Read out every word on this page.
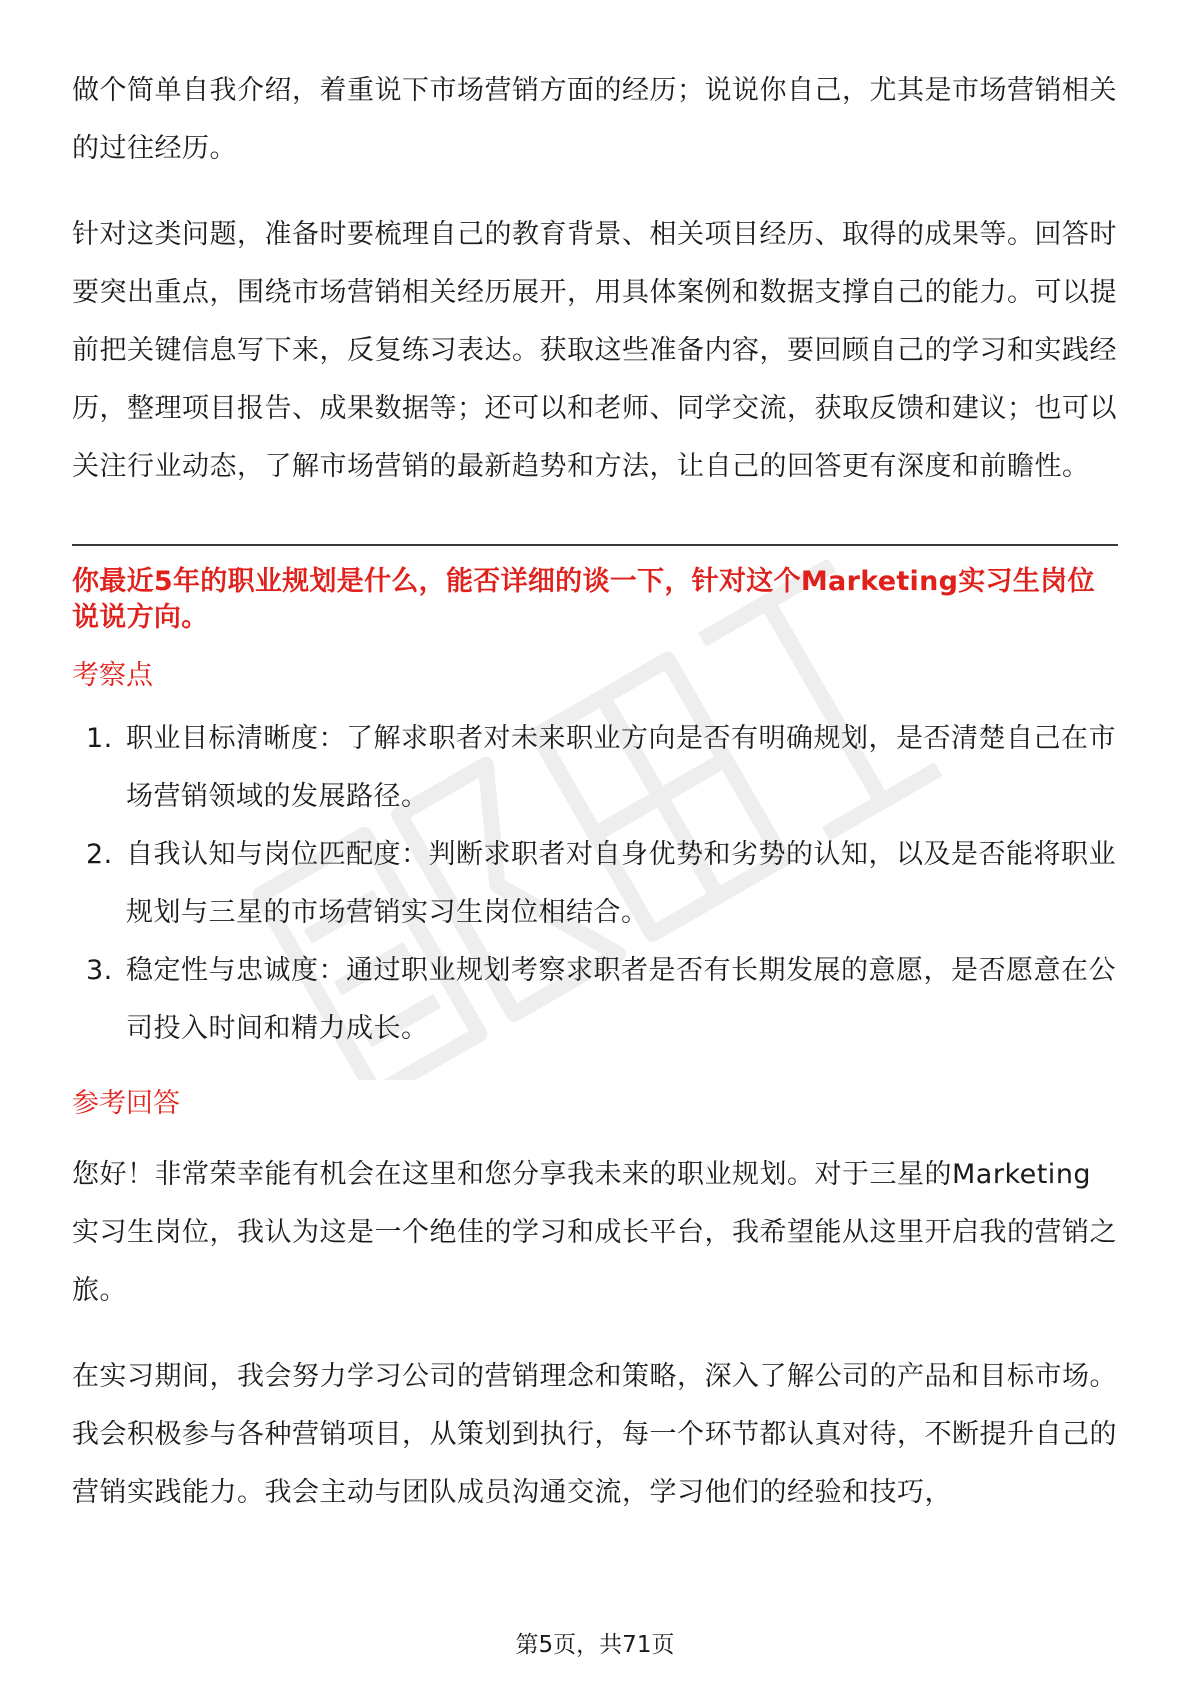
做个简单自我介绍，着重说下市场营销方面的经历；说说你自己，尤其是市场营销相关的过往经历。

针对这类问题，准备时要梳理自己的教育背景、相关项目经历、取得的成果等。回答时要突出重点，围绕市场营销相关经历展开，用具体案例和数据支撑自己的能力。可以提前把关键信息写下来，反复练习表达。获取这些准备内容，要回顾自己的学习和实践经历，整理项目报告、成果数据等；还可以和老师、同学交流，获取反馈和建议；也可以关注行业动态，了解市场营销的最新趋势和方法，让自己的回答更有深度和前瞻性。

你最近5年的职业规划是什么，能否详细的谈一下，针对这个Marketing实习生岗位说说方向。

考察点
1. 职业目标清晰度：了解求职者对未来职业方向是否有明确规划，是否清楚自己在市场营销领域的发展路径。
2. 自我认知与岗位匹配度：判断求职者对自身优势和劣势的认知，以及是否能将职业规划与三星的市场营销实习生岗位相结合。
3. 稳定性与忠诚度：通过职业规划考察求职者是否有长期发展的意愿，是否愿意在公司投入时间和精力成长。
参考回答

您好！非常荣幸能有机会在这里和您分享我未来的职业规划。对于三星的Marketing实习生岗位，我认为这是一个绝佳的学习和成长平台，我希望能从这里开启我的营销之旅。

在实习期间，我会努力学习公司的营销理念和策略，深入了解公司的产品和目标市场。我会积极参与各种营销项目，从策划到执行，每一个环节都认真对待，不断提升自己的营销实践能力。我会主动与团队成员沟通交流，学习他们的经验和技巧，

第5页，共71页
